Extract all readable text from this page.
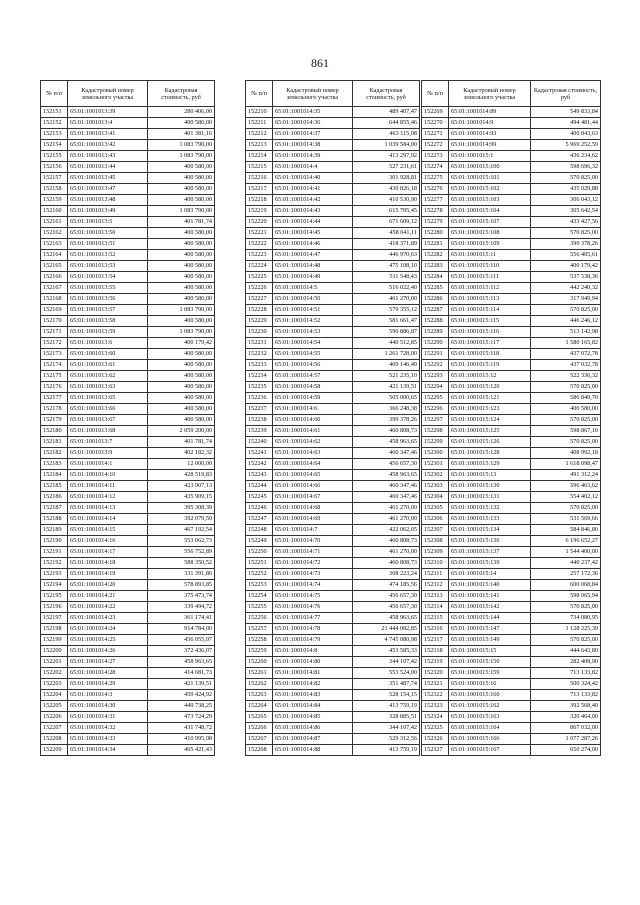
861
№ п/п	Кадастровый номер земельного участка	Кадастровая стоимость, руб
152151	65:01:1001013:39	280 406,00
152152	65:01:1001013:4	400 580,00
152153	65:01:1001013:41	401 381,16
152154	65:01:1001013:42	1 083 790,00
152155	65:01:1001013:43	1 083 790,00
152156	65:01:1001013:44	400 580,00
152157	65:01:1001013:45	400 580,00
152158	65:01:1001013:47	400 580,00
152159	65:01:1001013:48	400 580,00
152160	65:01:1001013:49	1 083 790,00
152161	65:01:1001013:5	401 781,74
152162	65:01:1001013:50	400 580,00
152163	65:01:1001013:51	400 580,00
152164	65:01:1001013:52	400 580,00
152165	65:01:1001013:53	400 580,00
152166	65:01:1001013:54	400 580,00
152167	65:01:1001013:55	400 580,00
152168	65:01:1001013:56	400 580,00
152169	65:01:1001013:57	1 083 790,00
152170	65:01:1001013:58	400 580,00
152171	65:01:1001013:59	1 083 790,00
152172	65:01:1001013:6	400 179,42
152173	65:01:1001013:60	400 580,00
152174	65:01:1001013:61	400 580,00
152175	65:01:1001013:62	400 580,00
152176	65:01:1001013:63	400 580,00
152177	65:01:1001013:65	400 580,00
152178	65:01:1001013:66	400 580,00
152179	65:01:1001013:67	400 580,00
152180	65:01:1001013:68	2 059 200,00
152181	65:01:1001013:7	401 781,74
152182	65:01:1001013:9	402 182,32
152183	65:01:1001014:1	12 000,00
152184	65:01:1001014:10	428 519,83
152185	65:01:1001014:11	423 907,13
152186	65:01:1001014:12	435 909,15
152187	65:01:1001014:13	395 308,39
152188	65:01:1001014:14	392 079,50
152189	65:01:1001014:15	467 192,54
152190	65:01:1001014:16	553 062,73
152191	65:01:1001014:17	556 752,89
152192	65:01:1001014:18	588 350,52
152193	65:01:1001014:19	331 391,86
152194	65:01:1001014:20	578 893,85
152195	65:01:1001014:21	375 473,74
152196	65:01:1001014:22	339 494,72
152197	65:01:1001014:23	361 174,41
152198	65:01:1001014:24	914 784,00
152199	65:01:1001014:25	456 055,07
152200	65:01:1001014:26	372 436,07
152201	65:01:1001014:27	458 963,65
152202	65:01:1001014:28	414 681,73
152203	65:01:1001014:29	421 139,51
152204	65:01:1001014:3	459 424,92
152205	65:01:1001014:30	449 738,25
152206	65:01:1001014:31	473 724,29
152207	65:01:1001014:32	431 748,72
152208	65:01:1001014:33	410 995,08
152209	65:01:1001014:34	465 421,43
№ п/п	Кадастровый номер земельного участка	Кадастровая стоимость, руб
152210	65:01:1001014:35	489 407,47
152211	65:01:1001014:36	644 855,46
152212	65:01:1001014:37	463 115,08
152213	65:01:1001014:38	1 039 584,00
152214	65:01:1001014:39	413 297,92
152215	65:01:1001014:4	527 231,61
152216	65:01:1001014:40	301 928,81
152217	65:01:1001014:41	430 826,18
152218	65:01:1001014:42	410 530,90
152219	65:01:1001014:43	615 795,45
152220	65:01:1001014:44	671 609,12
152221	65:01:1001014:45	458 041,11
152222	65:01:1001014:46	418 371,89
152223	65:01:1001014:47	446 970,63
152224	65:01:1001014:48	475 108,10
152225	65:01:1001014:49	511 548,43
152226	65:01:1001014:5	516 022,40
152227	65:01:1001014:50	461 270,00
152228	65:01:1001014:51	579 355,12
152229	65:01:1001014:52	581 661,47
152230	65:01:1001014:53	590 886,87
152231	65:01:1001014:54	440 512,85
152232	65:01:1001014:55	1 261 728,00
152233	65:01:1001014:56	409 146,49
152234	65:01:1001014:57	521 235,10
152235	65:01:1001014:58	421 139,51
152236	65:01:1001014:59	505 000,65
152237	65:01:1001014:6	366 248,38
152238	65:01:1001014:60	399 378,26
152239	65:01:1001014:61	460 808,73
152240	65:01:1001014:62	458 963,65
152241	65:01:1001014:63	460 347,46
152242	65:01:1001014:64	456 657,30
152243	65:01:1001014:65	458 963,65
152244	65:01:1001014:66	460 347,46
152245	65:01:1001014:67	460 347,46
152246	65:01:1001014:68	461 270,00
152247	65:01:1001014:69	461 270,00
152248	65:01:1001014:7	422 062,05
152249	65:01:1001014:70	460 808,73
152250	65:01:1001014:71	461 270,00
152251	65:01:1001014:72	460 808,73
152252	65:01:1001014:73	308 223,24
152253	65:01:1001014:74	474 185,56
152254	65:01:1001014:75	456 657,30
152255	65:01:1001014:76	456 657,30
152256	65:01:1001014:77	458 963,65
152257	65:01:1001014:78	21 444 082,85
152258	65:01:1001014:79	4 745 080,98
152259	65:01:1001014:8	453 585,33
152260	65:01:1001014:80	344 107,42
152261	65:01:1001014:81	553 524,00
152262	65:01:1001014:82	351 487,74
152263	65:01:1001014:83	528 154,15
152264	65:01:1001014:84	413 759,19
152265	65:01:1001014:85	328 885,51
152266	65:01:1001014:86	344 107,42
152267	65:01:1001014:87	529 312,56
152268	65:01:1001014:88	413 759,19
№ п/п	Кадастровый номер земельного участка	Кадастровая стоимость, руб
152269	65:01:1001014:89	549 833,84
152270	65:01:1001014:9	494 481,44
152271	65:01:1001014:93	400 843,63
152272	65:01:1001014:99	5 969 252,59
152273	65:01:1001015:1	436 234,62
152274	65:01:1001015:100	598 696,32
152275	65:01:1001015:101	570 825,00
152276	65:01:1001015:102	435 029,88
152277	65:01:1001015:103	306 043,12
152278	65:01:1001015:104	305 642,54
152279	65:01:1001015:107	433 427,56
152280	65:01:1001015:108	570 825,00
152281	65:01:1001015:109	399 378,26
152282	65:01:1001015:11	556 405,61
152283	65:01:1001015:110	400 179,42
152284	65:01:1001015:111	537 538,36
152285	65:01:1001015:112	442 240,32
152286	65:01:1001015:113	317 949,94
152287	65:01:1001015:114	570 825,00
152288	65:01:1001015:115	446 246,12
152289	65:01:1001015:116	513 142,98
152290	65:01:1001015:117	1 580 165,82
152291	65:01:1001015:118	437 072,78
152292	65:01:1001015:119	437 032,78
152293	65:01:1001015:12	522 336,32
152294	65:01:1001015:120	570 825,00
152295	65:01:1001015:121	586 849,70
152296	65:01:1001015:123	400 580,00
152297	65:01:1001015:124	570 825,00
152298	65:01:1001015:125	598 867,10
152299	65:01:1001015:126	570 825,00
152300	65:01:1001015:128	408 992,18
152301	65:01:1001015:129	1 618 098,47
152302	65:01:1001015:13	491 312,24
152303	65:01:1001015:130	596 463,62
152304	65:01:1001015:131	554 402,12
152305	65:01:1001015:132	570 825,00
152306	65:01:1001015:133	531 569,66
152307	65:01:1001015:134	584 846,80
152308	65:01:1001015:136	6 196 652,27
152309	65:01:1001015:137	1 544 400,00
152310	65:01:1001015:139	440 237,42
152311	65:01:1001015:14	257 172,36
152312	65:01:1001015:140	600 068,84
152313	65:01:1001015:141	598 065,94
152314	65:01:1001015:142	570 825,00
152315	65:01:1001015:144	734 080,95
152316	65:01:1001015:147	1 128 225,39
152317	65:01:1001015:149	570 825,00
152318	65:01:1001015:15	444 643,80
152319	65:01:1001015:150	282 408,90
152320	65:01:1001015:159	713 133,82
152321	65:01:1001015:16	500 324,42
152322	65:01:1001015:160	713 133,82
152323	65:01:1001015:162	392 568,40
152324	65:01:1001015:163	320 464,00
152325	65:01:1001015:164	867 032,00
152326	65:01:1001015:166	1 077 287,26
152327	65:01:1001015:167	650 274,00
